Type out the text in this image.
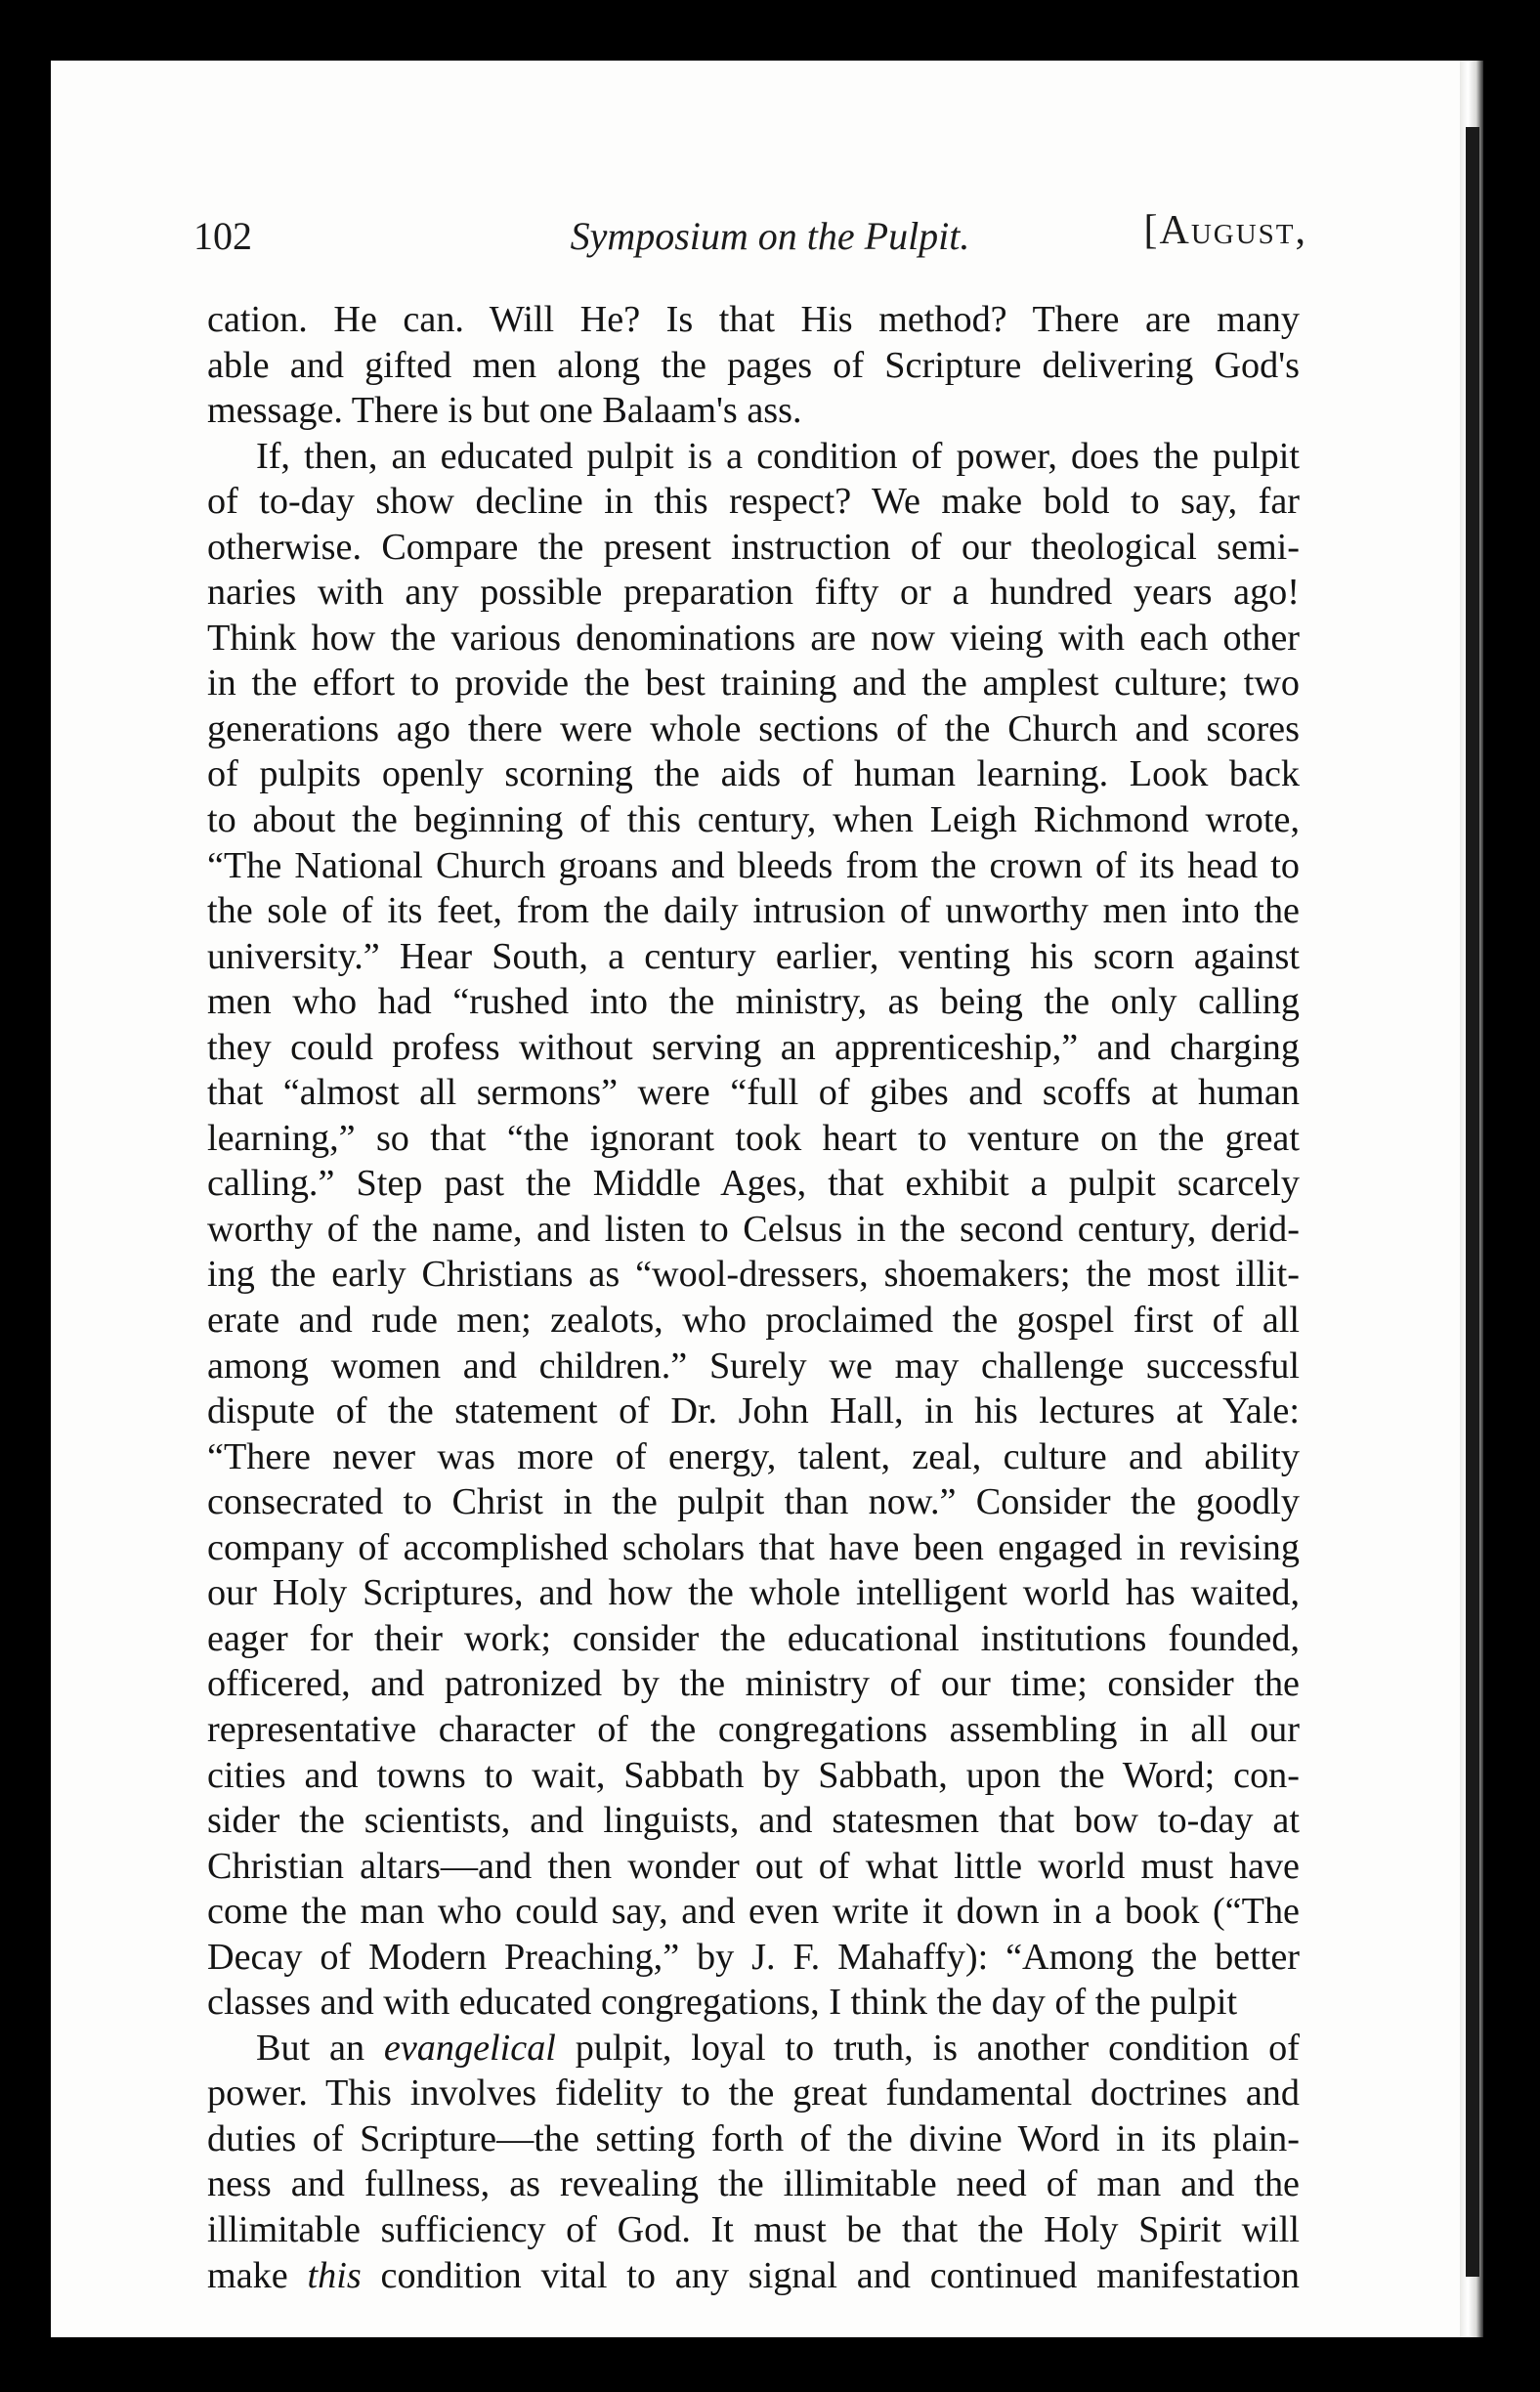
102	Symposium on the Pulpit.	[August,
cation. He can. Will He? Is that His method? There are many
able and gifted men along the pages of Scripture delivering God's
message. There is but one Balaam's ass.
If, then, an educated pulpit is a condition of power, does the pulpit
of to-day show decline in this respect? We make bold to say, far
otherwise. Compare the present instruction of our theological semi-
naries with any possible preparation fifty or a hundred years ago!
Think how the various denominations are now vieing with each other
in the effort to provide the best training and the amplest culture; two
generations ago there were whole sections of the Church and scores
of pulpits openly scorning the aids of human learning. Look back
to about the beginning of this century, when Leigh Richmond wrote,
“The National Church groans and bleeds from the crown of its head to
the sole of its feet, from the daily intrusion of unworthy men into the
university.” Hear South, a century earlier, venting his scorn against
men who had “rushed into the ministry, as being the only calling
they could profess without serving an apprenticeship,” and charging
that “almost all sermons” were “full of gibes and scoffs at human
learning,” so that “the ignorant took heart to venture on the great
calling.” Step past the Middle Ages, that exhibit a pulpit scarcely
worthy of the name, and listen to Celsus in the second century, derid-
ing the early Christians as “wool-dressers, shoemakers; the most illit-
erate and rude men; zealots, who proclaimed the gospel first of all
among women and children.” Surely we may challenge successful
dispute of the statement of Dr. John Hall, in his lectures at Yale:
“There never was more of energy, talent, zeal, culture and ability
consecrated to Christ in the pulpit than now.” Consider the goodly
company of accomplished scholars that have been engaged in revising
our Holy Scriptures, and how the whole intelligent world has waited,
eager for their work; consider the educational institutions founded,
officered, and patronized by the ministry of our time; consider the
representative character of the congregations assembling in all our
cities and towns to wait, Sabbath by Sabbath, upon the Word; con-
sider the scientists, and linguists, and statesmen that bow to-day at
Christian altars—and then wonder out of what little world must have
come the man who could say, and even write it down in a book (“The
Decay of Modern Preaching,” by J. F. Mahaffy): “Among the better
classes and with educated congregations, I think the day of the pulpit
But an evangelical pulpit, loyal to truth, is another condition of
power. This involves fidelity to the great fundamental doctrines and
duties of Scripture—the setting forth of the divine Word in its plain-
ness and fullness, as revealing the illimitable need of man and the
illimitable sufficiency of God. It must be that the Holy Spirit will
make this condition vital to any signal and continued manifestation
